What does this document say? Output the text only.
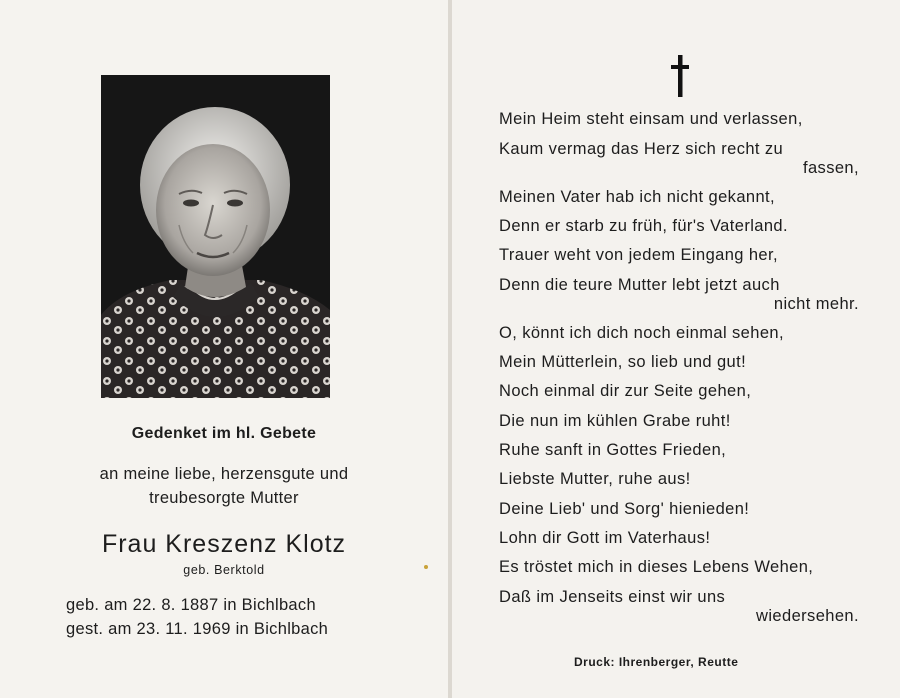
Gedenket im hl. Gebete
an meine liebe, herzensgute und
treubesorgte Mutter
Frau Kreszenz Klotz
geb. Berktold
geb. am 22. 8. 1887 in Bichlbach
gest. am 23. 11. 1969 in Bichlbach
Mein Heim steht einsam und verlassen,
Kaum vermag das Herz sich recht zu
fassen,
Meinen Vater hab ich nicht gekannt,
Denn er starb zu früh, für's Vaterland.
Trauer weht von jedem Eingang her,
Denn die teure Mutter lebt jetzt auch
nicht mehr.
O, könnt ich dich noch einmal sehen,
Mein Mütterlein, so lieb und gut!
Noch einmal dir zur Seite gehen,
Die nun im kühlen Grabe ruht!
Ruhe sanft in Gottes Frieden,
Liebste Mutter, ruhe aus!
Deine Lieb' und Sorg' hienieden!
Lohn dir Gott im Vaterhaus!
Es tröstet mich in dieses Lebens Wehen,
Daß im Jenseits einst wir uns
wiedersehen.
Druck: Ihrenberger, Reutte
